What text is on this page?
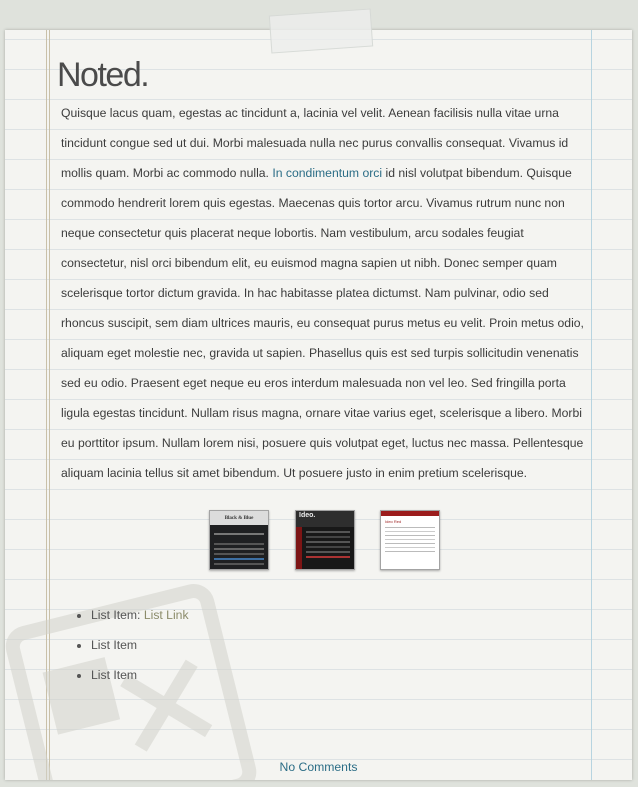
Noted.

Quisque lacus quam, egestas ac tincidunt a, lacinia vel velit. Aenean facilisis nulla vitae urna tincidunt congue sed ut dui. Morbi malesuada nulla nec purus convallis consequat. Vivamus id mollis quam. Morbi ac commodo nulla. In condimentum orci id nisl volutpat bibendum. Quisque commodo hendrerit lorem quis egestas. Maecenas quis tortor arcu. Vivamus rutrum nunc non neque consectetur quis placerat neque lobortis. Nam vestibulum, arcu sodales feugiat consectetur, nisl orci bibendum elit, eu euismod magna sapien ut nibh. Donec semper quam scelerisque tortor dictum gravida. In hac habitasse platea dictumst. Nam pulvinar, odio sed rhoncus suscipit, sem diam ultrices mauris, eu consequat purus metus eu velit. Proin metus odio, aliquam eget molestie nec, gravida ut sapien. Phasellus quis est sed turpis sollicitudin venenatis sed eu odio. Praesent eget neque eu eros interdum malesuada non vel leo. Sed fringilla porta ligula egestas tincidunt. Nullam risus magna, ornare vitae varius eget, scelerisque a libero. Morbi eu porttitor ipsum. Nullam lorem nisi, posuere quis volutpat eget, luctus nec massa. Pellentesque aliquam lacinia tellus sit amet bibendum. Ut posuere justo in enim pretium scelerisque.

Black & Blue	Ideo.
Ideo Red
• List Item: List Link
• List Item
• List Item
No Comments
